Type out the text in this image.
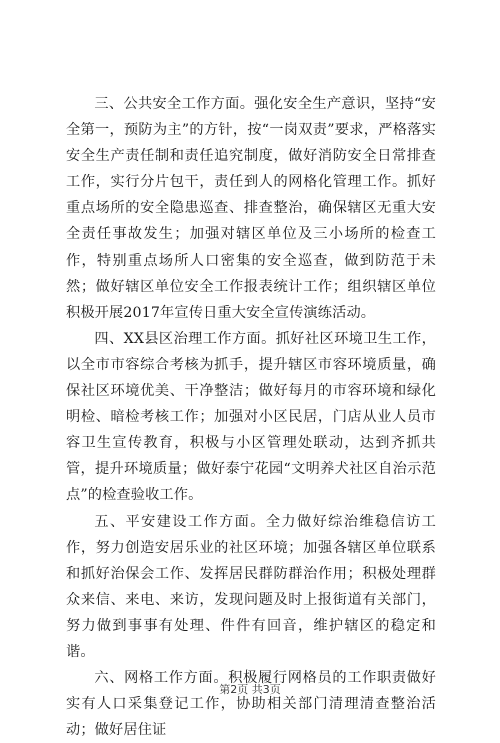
三、公共安全工作方面。强化安全生产意识，坚持“安全第一，预防为主”的方针，按“一岗双责”要求，严格落实安全生产责任制和责任追究制度，做好消防安全日常排查工作，实行分片包干，责任到人的网格化管理工作。抓好重点场所的安全隐患巡查、排查整治，确保辖区无重大安全责任事故发生；加强对辖区单位及三小场所的检查工作，特别重点场所人口密集的安全巡查，做到防范于未然；做好辖区单位安全工作报表统计工作；组织辖区单位积极开展2017年宣传日重大安全宣传演练活动。

四、XX县区治理工作方面。抓好社区环境卫生工作，以全市市容综合考核为抓手，提升辖区市容环境质量，确保社区环境优美、干净整洁；做好每月的市容环境和绿化明检、暗检考核工作；加强对小区民居，门店从业人员市容卫生宣传教育，积极与小区管理处联动，达到齐抓共管，提升环境质量；做好泰宁花园“文明养犬社区自治示范点”的检查验收工作。

五、平安建设工作方面。全力做好综治维稳信访工作，努力创造安居乐业的社区环境；加强各辖区单位联系和抓好治保会工作、发挥居民群防群治作用；积极处理群众来信、来电、来访，发现问题及时上报街道有关部门，努力做到事事有处理、件件有回音，维护辖区的稳定和谐。

六、网格工作方面。积极履行网格员的工作职责做好实有人口采集登记工作，协助相关部门清理清查整治活动；做好居住证

第2页 共3页
